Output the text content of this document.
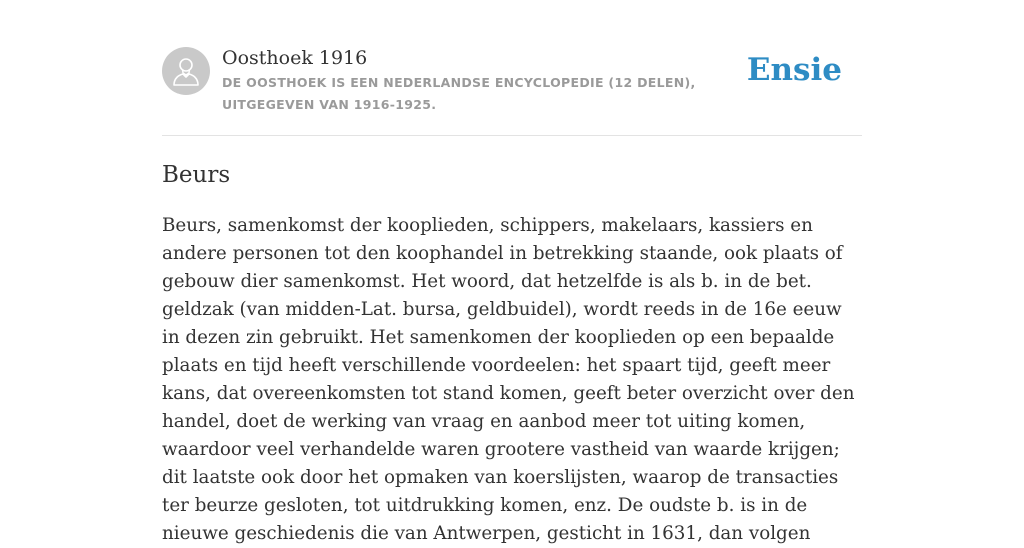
Oosthoek 1916
DE OOSTHOEK IS EEN NEDERLANDSE ENCYCLOPEDIE (12 DELEN), UITGEGEVEN VAN 1916-1925.
Ensie
Beurs

Beurs, samenkomst der kooplieden, schippers, makelaars, kassiers en andere personen tot den koophandel in betrekking staande, ook plaats of gebouw dier samenkomst. Het woord, dat hetzelfde is als b. in de bet. geldzak (van midden-Lat. bursa, geldbuidel), wordt reeds in de 16e eeuw in dezen zin gebruikt. Het samenkomen der kooplieden op een bepaalde plaats en tijd heeft verschillende voordeelen: het spaart tijd, geeft meer kans, dat overeenkomsten tot stand komen, geeft beter overzicht over den handel, doet de werking van vraag en aanbod meer tot uiting komen, waardoor veel verhandelde waren grootere vastheid van waarde krijgen; dit laatste ook door het opmaken van koerslijsten, waarop de transacties ter beurze gesloten, tot uitdrukking komen, enz. De oudste b. is in de nieuwe geschiedenis die van Antwerpen, gesticht in 1631, dan volgen
